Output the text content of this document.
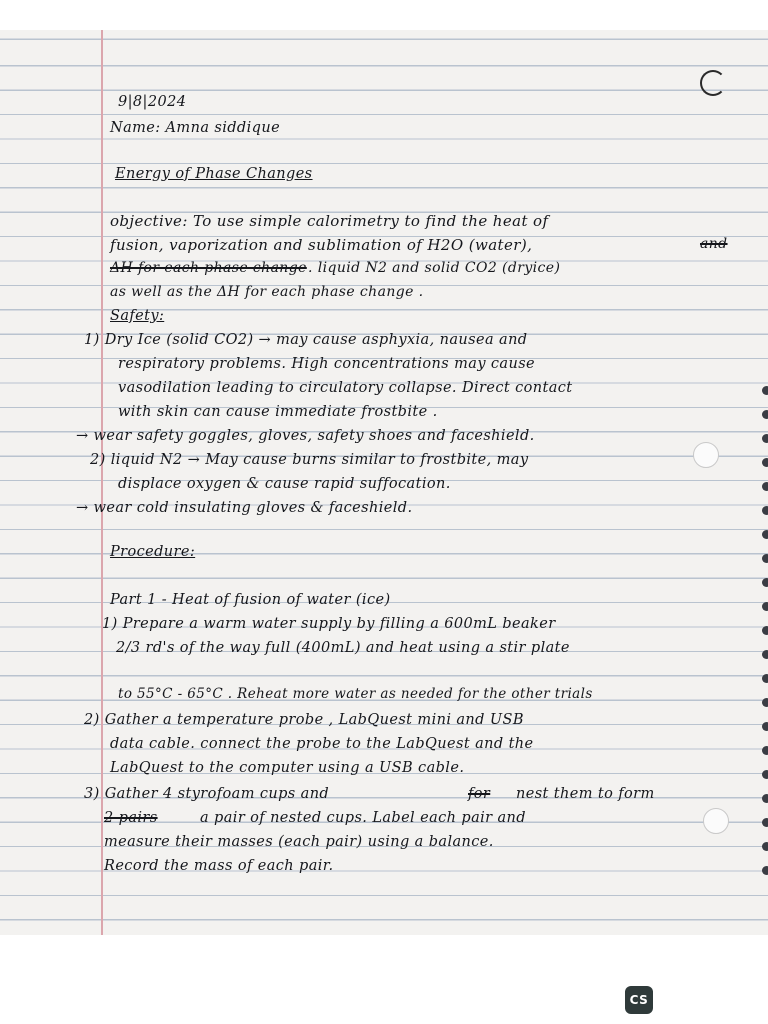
9|8|2024
Name: Amna siddique
Energy of Phase Changes
objective: To use simple calorimetry to find the heat of
fusion, vaporization and sublimation of H2O (water),	and
ΔH for each phase change . liquid N2 and solid CO2 (dryice)
as well as the ΔH for each phase change .
Safety:
1) Dry Ice (solid CO2) → may cause asphyxia, nausea and
respiratory problems. High concentrations may cause
vasodilation leading to circulatory collapse. Direct contact
with skin can cause immediate frostbite .
→ wear safety goggles, gloves, safety shoes and faceshield.
2) liquid N2 → May cause burns similar to frostbite, may
displace oxygen & cause rapid suffocation.
→ wear cold insulating gloves & faceshield.
Procedure:
Part 1 - Heat of fusion of water (ice)
1) Prepare a warm water supply by filling a 600mL beaker
2/3 rd's of the way full (400mL) and heat using a stir plate
to 55°C - 65°C . Reheat more water as needed for the other trials
2) Gather a temperature probe , LabQuest mini and USB
data cable. connect the probe to the LabQuest and the
LabQuest to the computer using a USB cable.
3) Gather 4 styrofoam cups and	for nest them to form
2 pairs	a pair of nested cups. Label each pair and
measure their masses (each pair) using a balance.
Record the mass of each pair.
CS
